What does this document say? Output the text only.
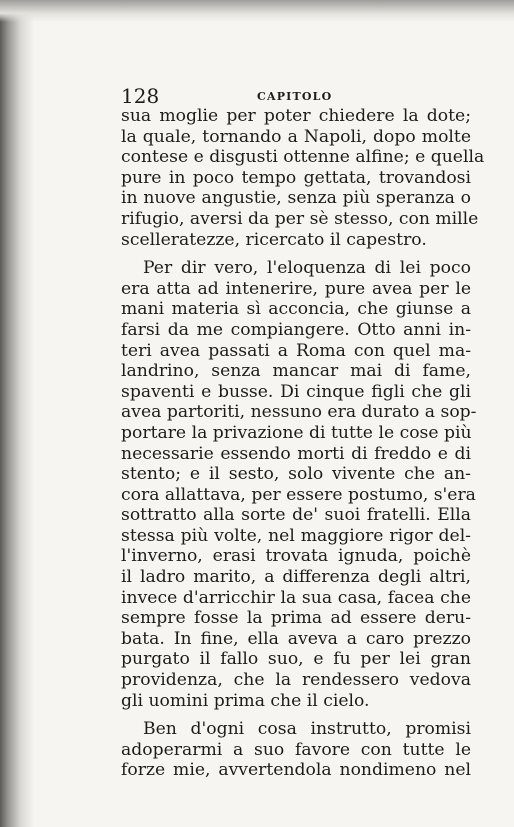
128	CAPITOLO
sua moglie per poter chiedere la dote;
la quale, tornando a Napoli, dopo molte
contese e disgusti ottenne alfine; e quella
pure in poco tempo gettata, trovandosi
in nuove angustie, senza più speranza o
rifugio, aversi da per sè stesso, con mille
scelleratezze, ricercato il capestro.
Per dir vero, l'eloquenza di lei poco
era atta ad intenerire, pure avea per le
mani materia sì acconcia, che giunse a
farsi da me compiangere. Otto anni in-
teri avea passati a Roma con quel ma-
landrino, senza mancar mai di fame,
spaventi e busse. Di cinque figli che gli
avea partoriti, nessuno era durato a sop-
portare la privazione di tutte le cose più
necessarie essendo morti di freddo e di
stento; e il sesto, solo vivente che an-
cora allattava, per essere postumo, s'era
sottratto alla sorte de' suoi fratelli. Ella
stessa più volte, nel maggiore rigor del-
l'inverno, erasi trovata ignuda, poichè
il ladro marito, a differenza degli altri,
invece d'arricchir la sua casa, facea che
sempre fosse la prima ad essere deru-
bata. In fine, ella aveva a caro prezzo
purgato il fallo suo, e fu per lei gran
providenza, che la rendessero vedova
gli uomini prima che il cielo.
Ben d'ogni cosa instrutto, promisi
adoperarmi a suo favore con tutte le
forze mie, avvertendola nondimeno nel
